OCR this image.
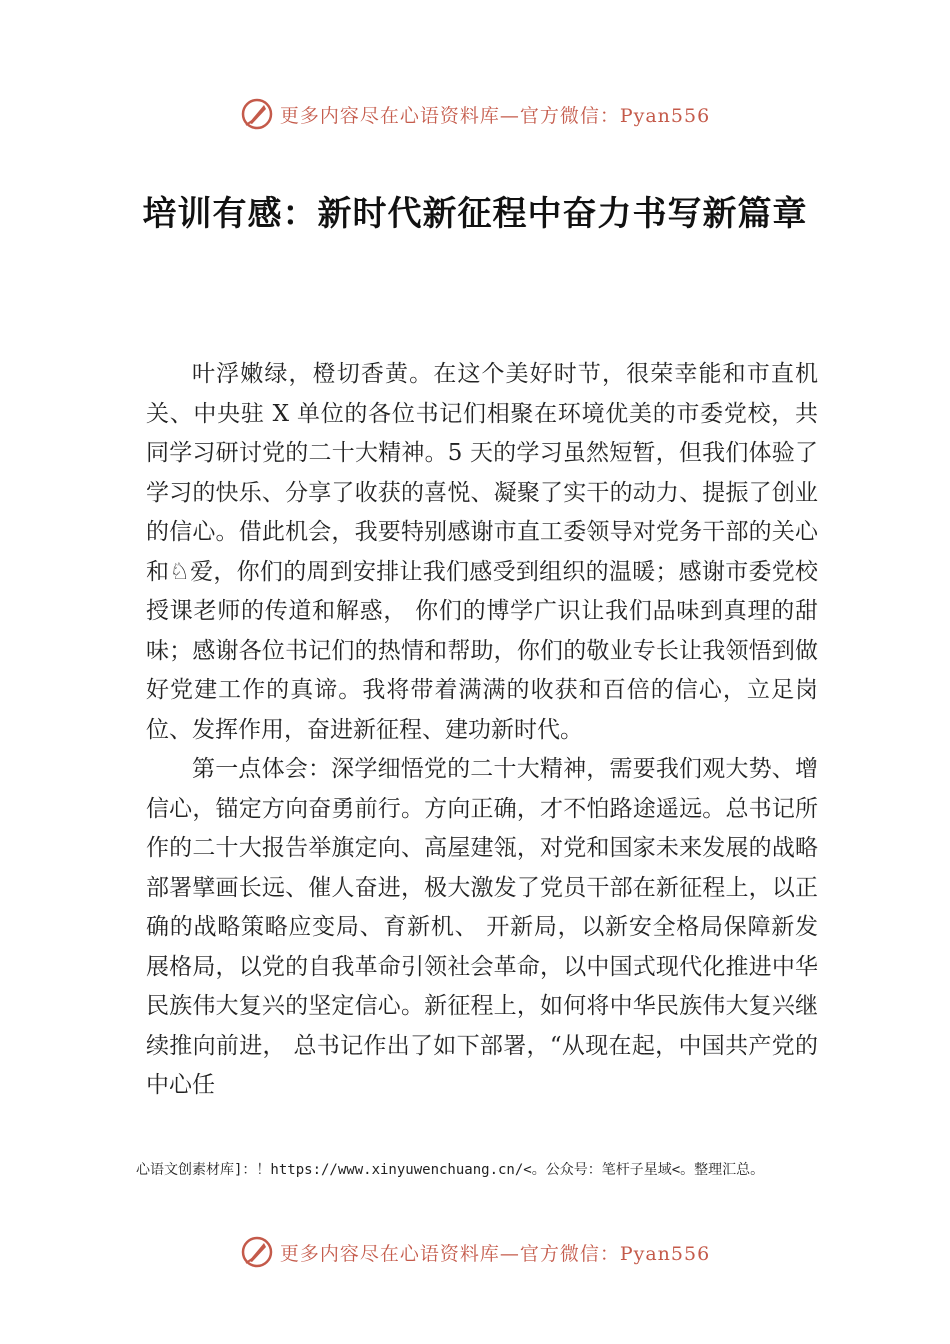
更多内容尽在心语资料库—官方微信：Pyan556
培训有感：新时代新征程中奋力书写新篇章

叶浮嫩绿，橙切香黄。在这个美好时节，很荣幸能和市直机关、中央驻 X 单位的各位书记们相聚在环境优美的市委党校，共同学习研讨党的二十大精神。5 天的学习虽然短暂，但我们体验了学习的快乐、分享了收获的喜悦、凝聚了实干的动力、提振了创业的信心。借此机会，我要特别感谢市直工委领导对党务干部的关心和♘爱，你们的周到安排让我们感受到组织的温暖；感谢市委党校授课老师的传道和解惑， 你们的博学广识让我们品味到真理的甜味；感谢各位书记们的热情和帮助，你们的敬业专长让我领悟到做好党建工作的真谛。我将带着满满的收获和百倍的信心，立足岗位、发挥作用，奋进新征程、建功新时代。

第一点体会：深学细悟党的二十大精神，需要我们观大势、增信心，锚定方向奋勇前行。方向正确，才不怕路途遥远。总书记所作的二十大报告举旗定向、高屋建瓴，对党和国家未来发展的战略部署擘画长远、催人奋进，极大激发了党员干部在新征程上，以正确的战略策略应变局、育新机、 开新局，以新安全格局保障新发展格局，以党的自我革命引领社会革命，以中国式现代化推进中华民族伟大复兴的坚定信心。新征程上，如何将中华民族伟大复兴继续推向前进， 总书记作出了如下部署，“从现在起，中国共产党的中心任

心语文创素材库]：！https://www.xinyuwenchuang.cn/<。公众号：笔杆子星域<。整理汇总。
更多内容尽在心语资料库—官方微信：Pyan556
